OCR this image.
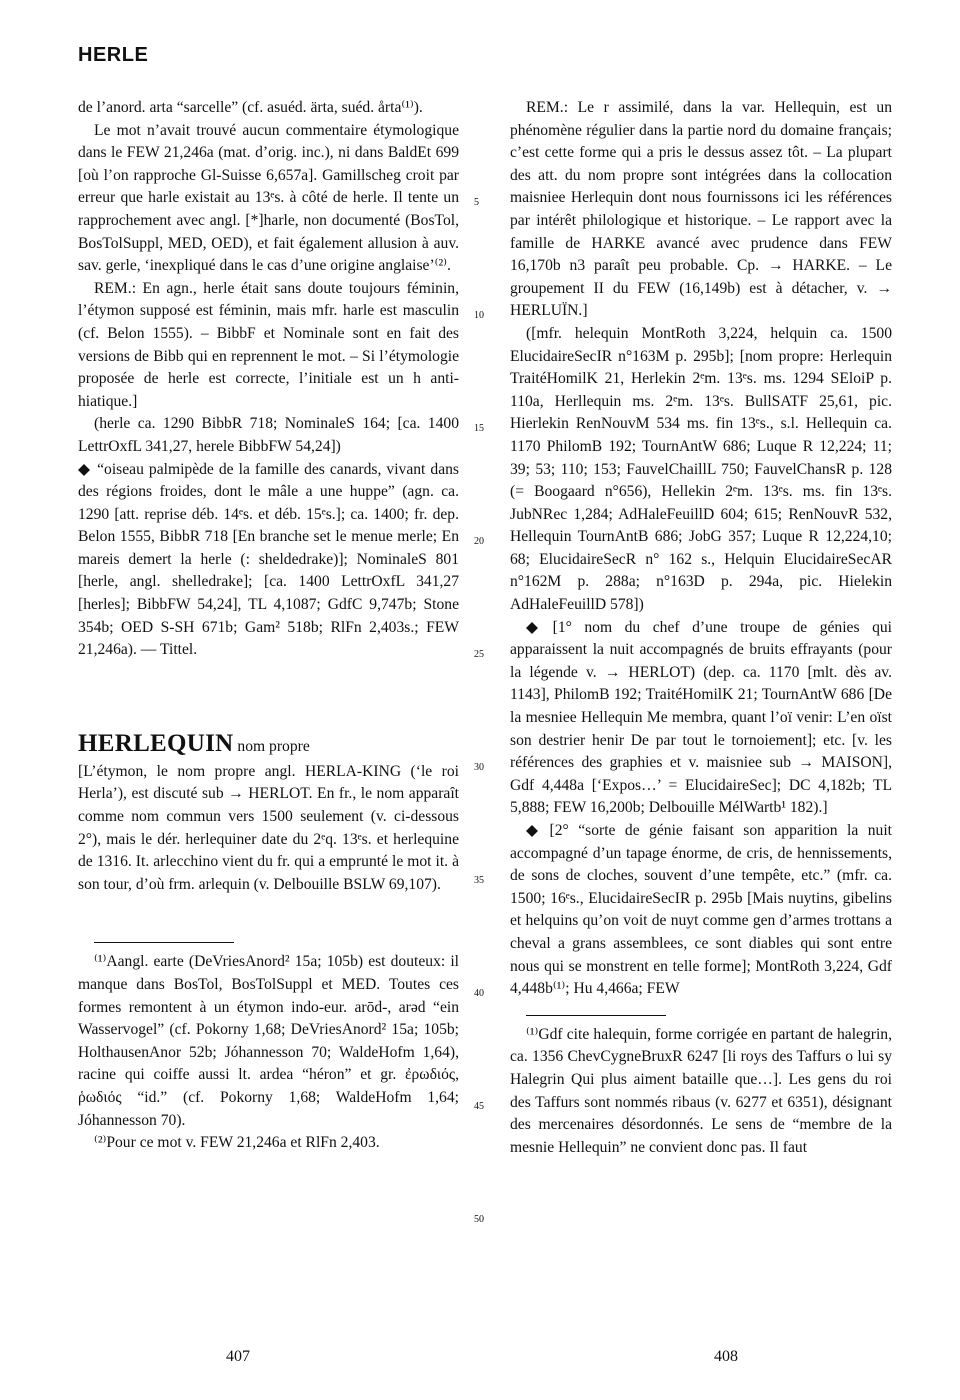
HERLE

de l’anord. arta “sarcelle” (cf. asuéd. ärta, suéd. årta⁽¹⁾).

Le mot n’avait trouvé aucun commentaire étymologique dans le FEW 21,246a (mat. d’orig. inc.), ni dans BaldEt 699 [où l’on rapproche Gl-Suisse 6,657a]. Gamillscheg croit par erreur que harle existait au 13ᵉs. à côté de herle. Il tente un rapprochement avec angl. [*]harle, non documenté (BosTol, BosTolSuppl, MED, OED), et fait également allusion à auv. sav. gerle, ‘inexpliqué dans le cas d’une origine anglaise’⁽²⁾.

REM.: En agn., herle était sans doute toujours féminin, l’étymon supposé est féminin, mais mfr. harle est masculin (cf. Belon 1555). – BibbF et Nominale sont en fait des versions de Bibb qui en reprennent le mot. – Si l’étymologie proposée de herle est correcte, l’initiale est un h anti-hiatique.]

(herle ca. 1290 BibbR 718; NominaleS 164; [ca. 1400 LettrOxfL 341,27, herele BibbFW 54,24])

◆ “oiseau palmipède de la famille des canards, vivant dans des régions froides, dont le mâle a une huppe” (agn. ca. 1290 [att. reprise déb. 14ᵉs. et déb. 15ᵉs.]; ca. 1400; fr. dep. Belon 1555, BibbR 718 [En branche set le menue merle; En mareis demert la herle (: sheldedrake)]; NominaleS 801 [herle, angl. shelledrake]; [ca. 1400 LettrOxfL 341,27 [herles]; BibbFW 54,24], TL 4,1087; GdfC 9,747b; Stone 354b; OED S-SH 671b; Gam² 518b; RlFn 2,403s.; FEW 21,246a). — Tittel.

HERLEQUIN nom propre

[L’étymon, le nom propre angl. HERLA-KING (‘le roi Herla’), est discuté sub → HERLOT. En fr., le nom apparaît comme nom commun vers 1500 seulement (v. ci-dessous 2°), mais le dér. herlequiner date du 2ᵉq. 13ᵉs. et herlequine de 1316. It. arlecchino vient du fr. qui a emprunté le mot it. à son tour, d’où frm. arlequin (v. Delbouille BSLW 69,107).

⁽¹⁾Aangl. earte (DeVriesAnord² 15a; 105b) est douteux: il manque dans BosTol, BosTolSuppl et MED. Toutes ces formes remontent à un étymon indo-eur. arōd-, arəd “ein Wasservogel” (cf. Pokorny 1,68; DeVriesAnord² 15a; 105b; HolthausenAnor 52b; Jóhannesson 70; WaldeHofm 1,64), racine qui coiffe aussi lt. ardea “héron” et gr. ἐρωδιός, ῥωδιός “id.” (cf. Pokorny 1,68; WaldeHofm 1,64; Jóhannesson 70).

⁽²⁾Pour ce mot v. FEW 21,246a et RlFn 2,403.

5
10
15
20
25
30
35
40
45
50

REM.: Le r assimilé, dans la var. Hellequin, est un phénomène régulier dans la partie nord du domaine français; c’est cette forme qui a pris le dessus assez tôt. – La plupart des att. du nom propre sont intégrées dans la collocation maisniee Herlequin dont nous fournissons ici les références par intérêt philologique et historique. – Le rapport avec la famille de HARKE avancé avec prudence dans FEW 16,170b n3 paraît peu probable. Cp. → HARKE. – Le groupement II du FEW (16,149b) est à détacher, v. → HERLUÏN.]

([mfr. helequin MontRoth 3,224, helquin ca. 1500 ElucidaireSecIR n°163M p. 295b]; [nom propre: Herlequin TraitéHomilK 21, Herlekin 2ᵉm. 13ᵉs. ms. 1294 SEloiP p. 110a, Herllequin ms. 2ᵉm. 13ᵉs. BullSATF 25,61, pic. Hierlekin RenNouvM 534 ms. fin 13ᵉs., s.l. Hellequin ca. 1170 PhilomB 192; TournAntW 686; Luque R 12,224; 11; 39; 53; 110; 153; FauvelChaillL 750; FauvelChansR p. 128 (= Boogaard n°656), Hellekin 2ᵉm. 13ᵉs. ms. fin 13ᵉs. JubNRec 1,284; AdHaleFeuillD 604; 615; RenNouvR 532, Hellequin TournAntB 686; JobG 357; Luque R 12,224,10; 68; ElucidaireSecR n° 162 s., Helquin ElucidaireSecAR n°162M p. 288a; n°163D p. 294a, pic. Hielekin AdHaleFeuillD 578])

◆ [1° nom du chef d’une troupe de génies qui apparaissent la nuit accompagnés de bruits effrayants (pour la légende v. → HERLOT) (dep. ca. 1170 [mlt. dès av. 1143], PhilomB 192; TraitéHomilK 21; TournAntW 686 [De la mesniee Hellequin Me membra, quant l’oï venir: L’en oïst son destrier henir De par tout le tornoiement]; etc. [v. les références des graphies et v. maisniee sub → MAISON], Gdf 4,448a [‘Expos…’ = ElucidaireSec]; DC 4,182b; TL 5,888; FEW 16,200b; Delbouille MélWartb¹ 182).]

◆ [2° “sorte de génie faisant son apparition la nuit accompagné d’un tapage énorme, de cris, de hennissements, de sons de cloches, souvent d’une tempête, etc.” (mfr. ca. 1500; 16ᵉs., ElucidaireSecIR p. 295b [Mais nuytins, gibelins et helquins qu’on voit de nuyt comme gen d’armes trottans a cheval a grans assemblees, ce sont diables qui sont entre nous qui se monstrent en telle forme]; MontRoth 3,224, Gdf 4,448b⁽¹⁾; Hu 4,466a; FEW

⁽¹⁾Gdf cite halequin, forme corrigée en partant de halegrin, ca. 1356 ChevCygneBruxR 6247 [li roys des Taffurs o lui sy Halegrin Qui plus aiment bataille que…]. Les gens du roi des Taffurs sont nommés ribaus (v. 6277 et 6351), désignant des mercenaires désordonnés. Le sens de “membre de la mesnie Hellequin” ne convient donc pas. Il faut

407	408
